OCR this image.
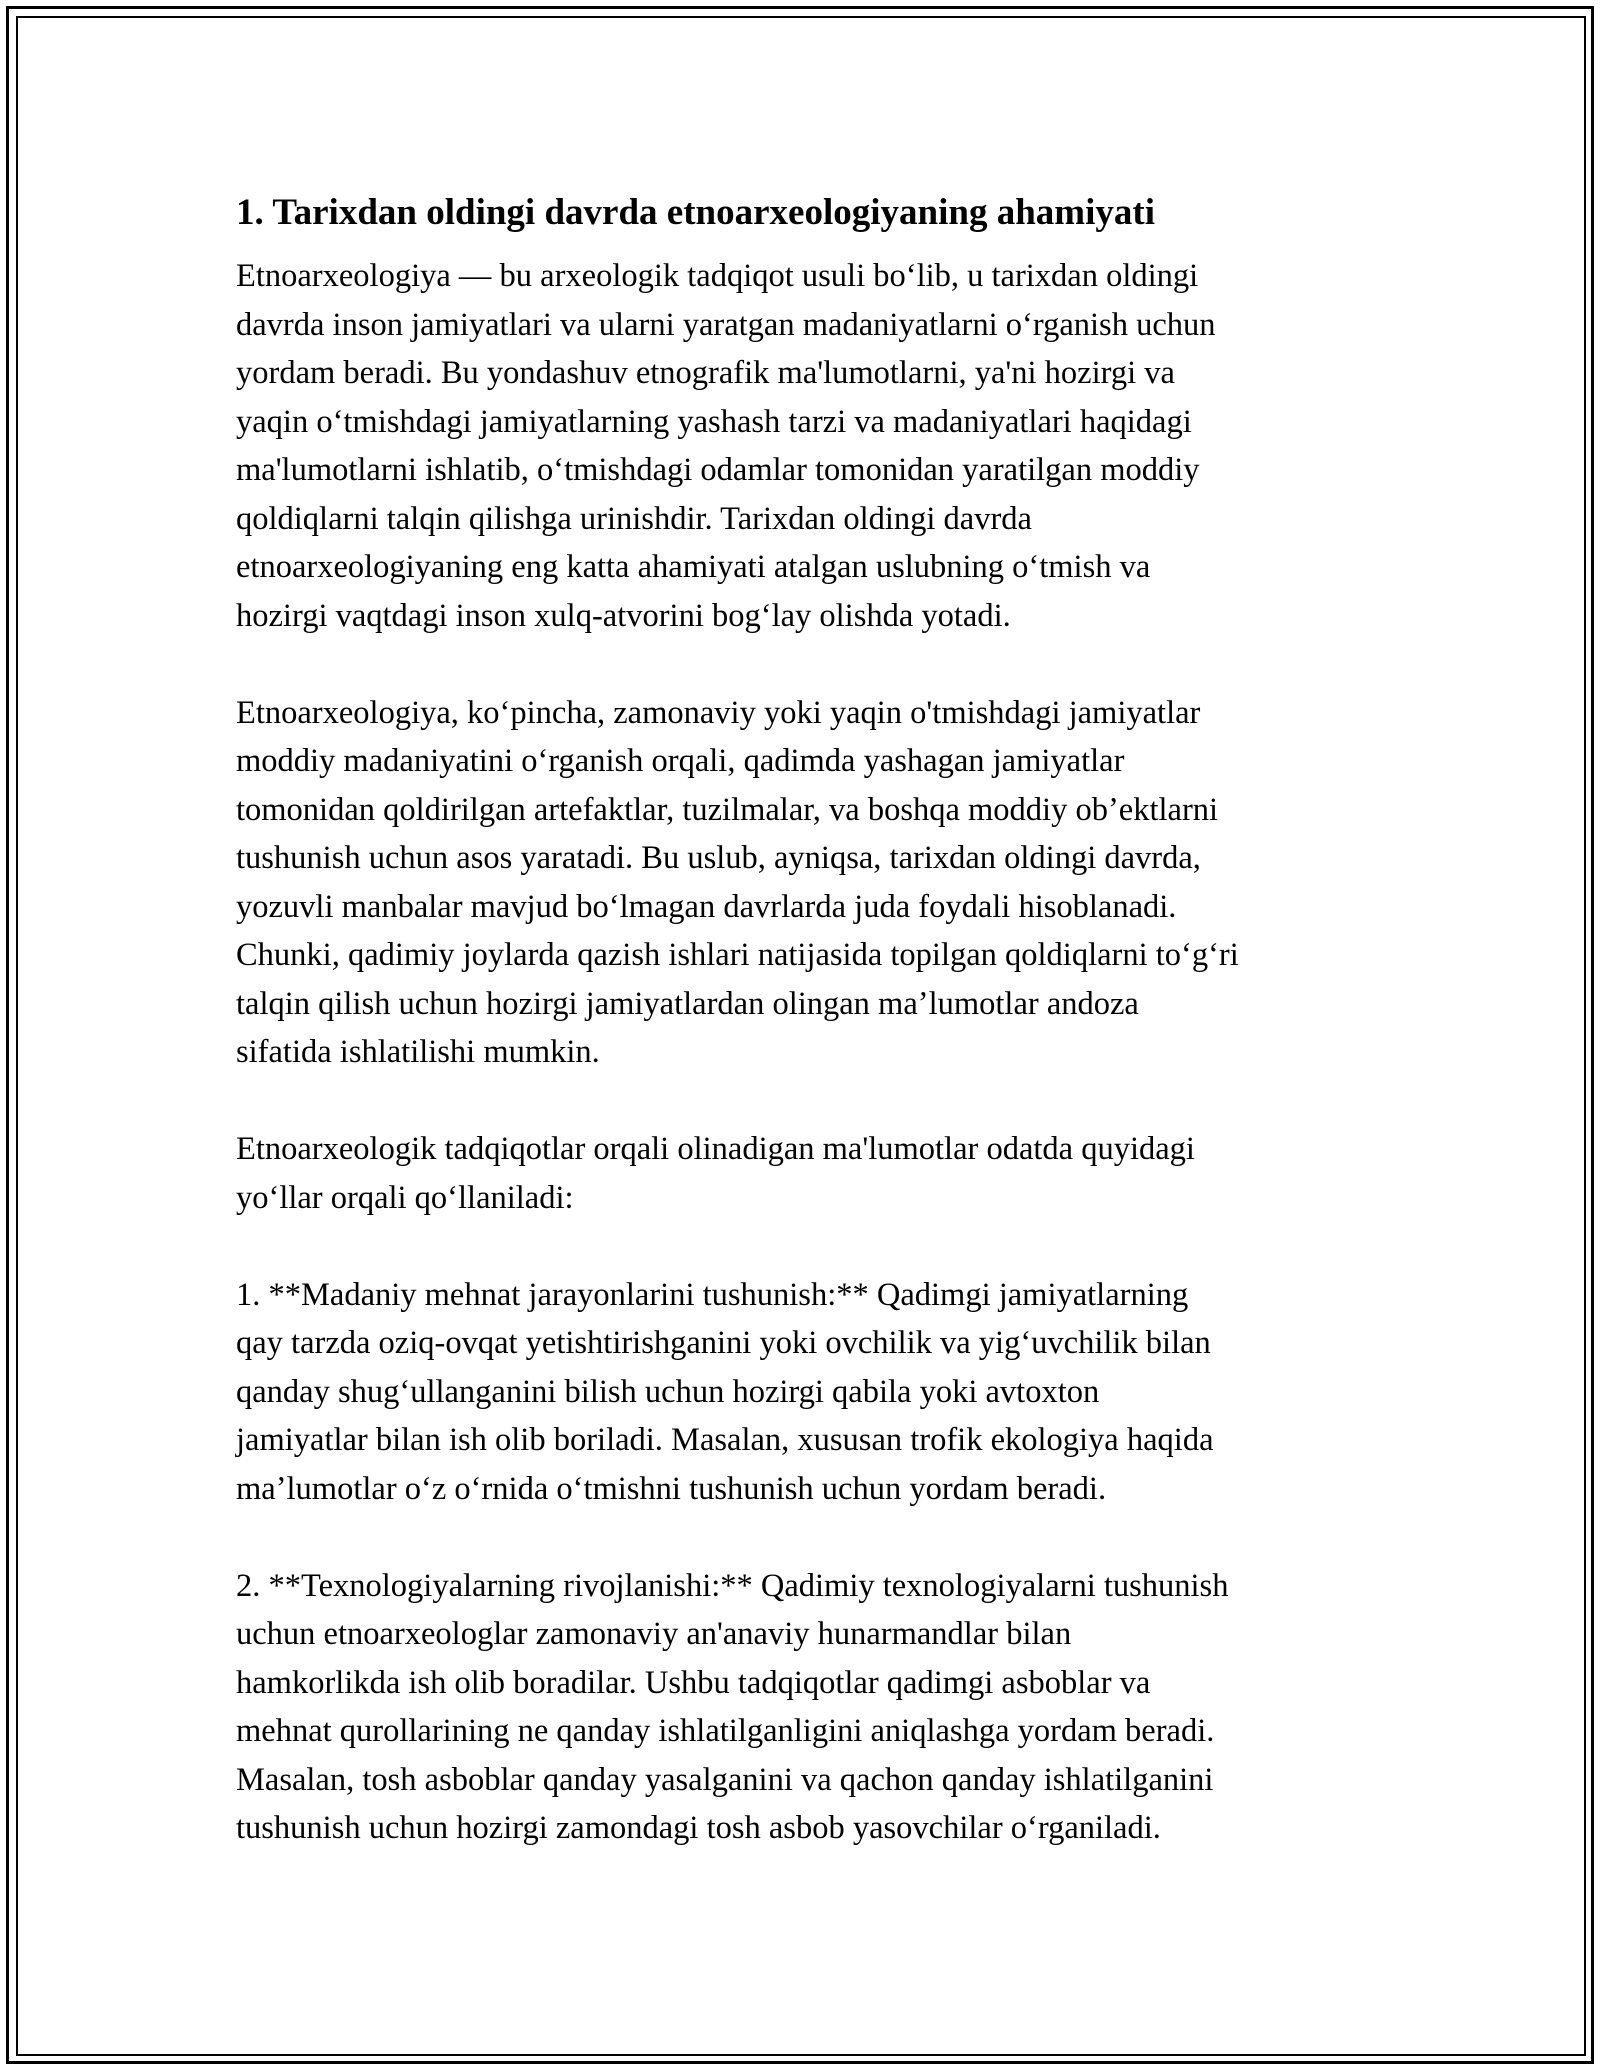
1. Tarixdan oldingi davrda etnoarxeologiyaning ahamiyati

Etnoarxeologiya — bu arxeologik tadqiqot usuli boʻlib, u tarixdan oldingi
davrda inson jamiyatlari va ularni yaratgan madaniyatlarni oʻrganish uchun
yordam beradi. Bu yondashuv etnografik ma'lumotlarni, ya'ni hozirgi va
yaqin oʻtmishdagi jamiyatlarning yashash tarzi va madaniyatlari haqidagi
ma'lumotlarni ishlatib, oʻtmishdagi odamlar tomonidan yaratilgan moddiy
qoldiqlarni talqin qilishga urinishdir. Tarixdan oldingi davrda
etnoarxeologiyaning eng katta ahamiyati atalgan uslubning oʻtmish va
hozirgi vaqtdagi inson xulq-atvorini bogʻlay olishda yotadi.

Etnoarxeologiya, koʻpincha, zamonaviy yoki yaqin o'tmishdagi jamiyatlar
moddiy madaniyatini oʻrganish orqali, qadimda yashagan jamiyatlar
tomonidan qoldirilgan artefaktlar, tuzilmalar, va boshqa moddiy obʼektlarni
tushunish uchun asos yaratadi. Bu uslub, ayniqsa, tarixdan oldingi davrda,
yozuvli manbalar mavjud boʻlmagan davrlarda juda foydali hisoblanadi.
Chunki, qadimiy joylarda qazish ishlari natijasida topilgan qoldiqlarni toʻgʻri
talqin qilish uchun hozirgi jamiyatlardan olingan maʼlumotlar andoza
sifatida ishlatilishi mumkin.

Etnoarxeologik tadqiqotlar orqali olinadigan ma'lumotlar odatda quyidagi
yoʻllar orqali qoʻllaniladi:

1. **Madaniy mehnat jarayonlarini tushunish:** Qadimgi jamiyatlarning
qay tarzda oziq-ovqat yetishtirishganini yoki ovchilik va yigʻuvchilik bilan
qanday shugʻullanganini bilish uchun hozirgi qabila yoki avtoxton
jamiyatlar bilan ish olib boriladi. Masalan, xususan trofik ekologiya haqida
maʼlumotlar oʻz oʻrnida oʻtmishni tushunish uchun yordam beradi.

2. **Texnologiyalarning rivojlanishi:** Qadimiy texnologiyalarni tushunish
uchun etnoarxeologlar zamonaviy an'anaviy hunarmandlar bilan
hamkorlikda ish olib boradilar. Ushbu tadqiqotlar qadimgi asboblar va
mehnat qurollarining ne qanday ishlatilganligini aniqlashga yordam beradi.
Masalan, tosh asboblar qanday yasalganini va qachon qanday ishlatilganini
tushunish uchun hozirgi zamondagi tosh asbob yasovchilar oʻrganiladi.
